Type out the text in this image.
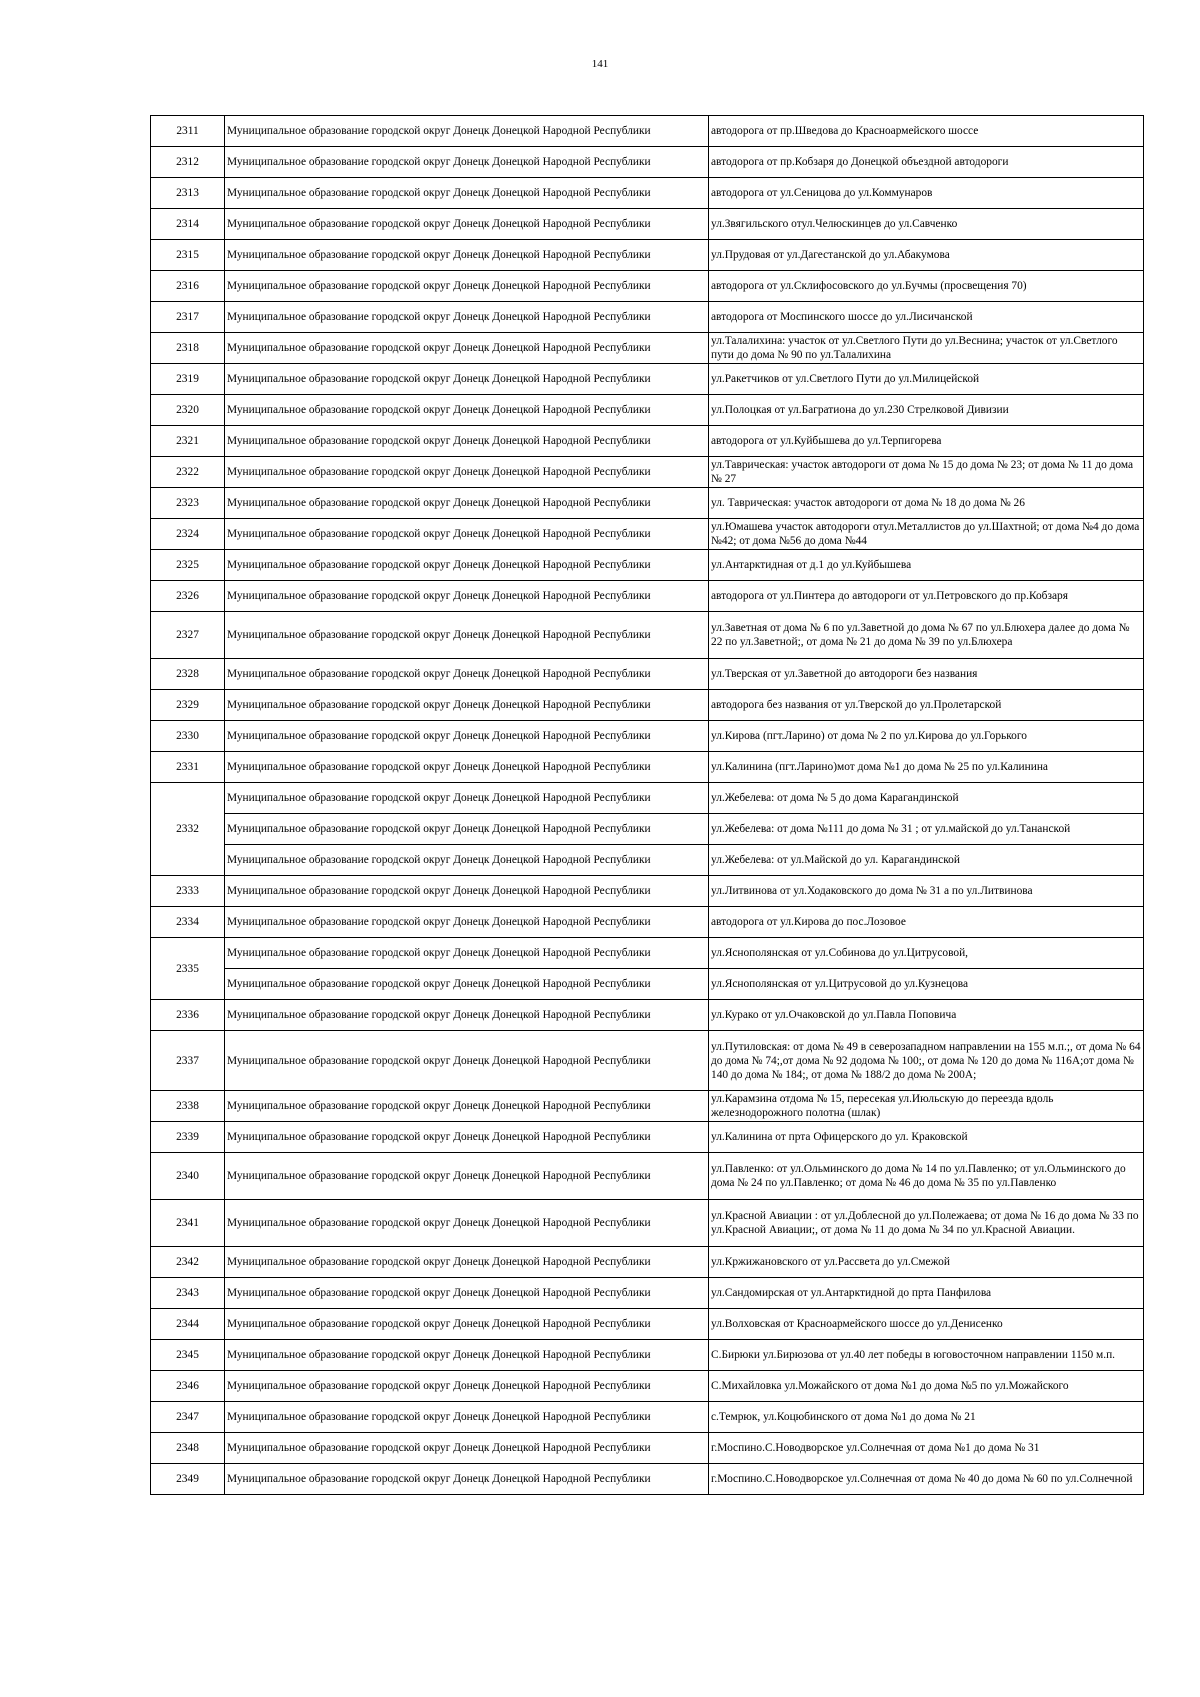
141
2311	Муниципальное образование городской округ Донецк Донецкой Народной Республики	автодорога от пр.Шведова до Красноармейского шоссе
2312	Муниципальное образование городской округ Донецк Донецкой Народной Республики	автодорога от пр.Кобзаря до Донецкой объездной автодороги
2313	Муниципальное образование городской округ Донецк Донецкой Народной Республики	автодорога от ул.Сеницова до ул.Коммунаров
2314	Муниципальное образование городской округ Донецк Донецкой Народной Республики	ул.Звягильского отул.Челюскинцев до ул.Савченко
2315	Муниципальное образование городской округ Донецк Донецкой Народной Республики	ул.Прудовая от ул.Дагестанской до ул.Абакумова
2316	Муниципальное образование городской округ Донецк Донецкой Народной Республики	автодорога от ул.Склифосовского до ул.Бучмы (просвещения 70)
2317	Муниципальное образование городской округ Донецк Донецкой Народной Республики	автодорога от Моспинского шоссе до ул.Лисичанской
2318	Муниципальное образование городской округ Донецк Донецкой Народной Республики	ул.Талалихина: участок от ул.Светлого Пути до ул.Веснина; участок от ул.Светлого пути до дома № 90 по ул.Талалихина
2319	Муниципальное образование городской округ Донецк Донецкой Народной Республики	ул.Ракетчиков от ул.Светлого Пути до ул.Милицейской
2320	Муниципальное образование городской округ Донецк Донецкой Народной Республики	ул.Полоцкая от ул.Багратиона до ул.230 Стрелковой Дивизии
2321	Муниципальное образование городской округ Донецк Донецкой Народной Республики	автодорога от ул.Куйбышева до ул.Терпигорева
2322	Муниципальное образование городской округ Донецк Донецкой Народной Республики	ул.Таврическая: участок автодороги от дома № 15 до дома № 23; от дома № 11 до дома № 27
2323	Муниципальное образование городской округ Донецк Донецкой Народной Республики	ул. Таврическая: участок автодороги от дома № 18 до дома № 26
2324	Муниципальное образование городской округ Донецк Донецкой Народной Республики	ул.Юмашева участок автодороги отул.Металлистов до ул.Шахтной; от дома №4 до дома №42; от дома №56 до дома №44
2325	Муниципальное образование городской округ Донецк Донецкой Народной Республики	ул.Антарктидная от д.1 до ул.Куйбышева
2326	Муниципальное образование городской округ Донецк Донецкой Народной Республики	автодорога от ул.Пинтера до автодороги от ул.Петровского до пр.Кобзаря
2327	Муниципальное образование городской округ Донецк Донецкой Народной Республики	ул.Заветная от дома № 6 по ул.Заветной до дома № 67 по ул.Блюхера далее до дома № 22 по ул.Заветной;, от дома № 21 до дома № 39 по ул.Блюхера
2328	Муниципальное образование городской округ Донецк Донецкой Народной Республики	ул.Тверская от ул.Заветной до автодороги без названия
2329	Муниципальное образование городской округ Донецк Донецкой Народной Республики	автодорога без названия от ул.Тверской до ул.Пролетарской
2330	Муниципальное образование городской округ Донецк Донецкой Народной Республики	ул.Кирова (пгт.Ларино) от дома № 2 по ул.Кирова до ул.Горького
2331	Муниципальное образование городской округ Донецк Донецкой Народной Республики	ул.Калинина (пгт.Ларино)мот дома №1 до дома № 25 по ул.Калинина
2332	Муниципальное образование городской округ Донецк Донецкой Народной Республики	ул.Жебелева: от дома № 5 до дома Карагандинской
	Муниципальное образование городской округ Донецк Донецкой Народной Республики	ул.Жебелева: от дома №111 до дома № 31 ; от ул.майской до ул.Тананской
	Муниципальное образование городской округ Донецк Донецкой Народной Республики	ул.Жебелева: от ул.Майской до ул. Карагандинской
2333	Муниципальное образование городской округ Донецк Донецкой Народной Республики	ул.Литвинова от ул.Ходаковского до дома № 31 а по ул.Литвинова
2334	Муниципальное образование городской округ Донецк Донецкой Народной Республики	автодорога от ул.Кирова до пос.Лозовое
2335	Муниципальное образование городской округ Донецк Донецкой Народной Республики	ул.Яснополянская от ул.Собинова до ул.Цитрусовой,
	Муниципальное образование городской округ Донецк Донецкой Народной Республики	ул.Яснополянская от ул.Цитрусовой до ул.Кузнецова
2336	Муниципальное образование городской округ Донецк Донецкой Народной Республики	ул.Курако от ул.Очаковской до ул.Павла Поповича
2337	Муниципальное образование городской округ Донецк Донецкой Народной Республики	ул.Путиловская: от дома № 49 в северозападном направлении на 155 м.п.;, от дома № 64 до дома № 74;,от дома № 92 додома № 100;, от дома № 120 до дома № 116А;от дома № 140 до дома № 184;, от дома № 188/2 до дома № 200А;
2338	Муниципальное образование городской округ Донецк Донецкой Народной Республики	ул.Карамзина отдома № 15, пересекая ул.Июльскую до переезда вдоль железнодорожного полотна (шлак)
2339	Муниципальное образование городской округ Донецк Донецкой Народной Республики	ул.Калинина от прта Офицерского до ул. Краковской
2340	Муниципальное образование городской округ Донецк Донецкой Народной Республики	ул.Павленко: от ул.Ольминского до дома № 14 по ул.Павленко; от ул.Ольминского до дома № 24 по ул.Павленко; от дома № 46 до дома № 35 по ул.Павленко
2341	Муниципальное образование городской округ Донецк Донецкой Народной Республики	ул.Красной Авиации : от ул.Доблесной до ул.Полежаева; от дома № 16 до дома № 33 по ул.Красной Авиации;, от дома № 11 до дома № 34 по ул.Красной Авиации.
2342	Муниципальное образование городской округ Донецк Донецкой Народной Республики	ул.Кржижановского от ул.Рассвета до ул.Смежой
2343	Муниципальное образование городской округ Донецк Донецкой Народной Республики	ул.Сандомирская от ул.Антарктидной до прта Панфилова
2344	Муниципальное образование городской округ Донецк Донецкой Народной Республики	ул.Волховская от Красноармейского шоссе до ул.Денисенко
2345	Муниципальное образование городской округ Донецк Донецкой Народной Республики	С.Бирюки ул.Бирюзова от ул.40 лет победы в юговосточном направлении 1150 м.п.
2346	Муниципальное образование городской округ Донецк Донецкой Народной Республики	С.Михайловка ул.Можайского от дома №1 до дома №5 по ул.Можайского
2347	Муниципальное образование городской округ Донецк Донецкой Народной Республики	с.Темрюк, ул.Коцюбинского от дома №1 до дома № 21
2348	Муниципальное образование городской округ Донецк Донецкой Народной Республики	г.Моспино.С.Новодворское ул.Солнечная от дома №1 до дома № 31
2349	Муниципальное образование городской округ Донецк Донецкой Народной Республики	г.Моспино.С.Новодворское ул.Солнечная от дома № 40 до дома № 60 по ул.Солнечной
